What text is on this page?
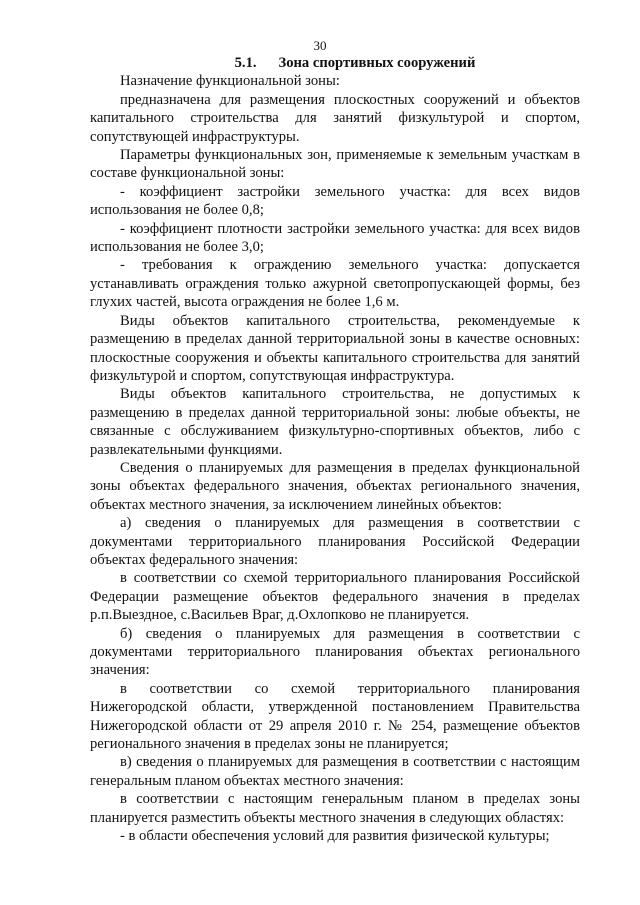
30
5.1. Зона спортивных сооружений

Назначение функциональной зоны:

предназначена для размещения плоскостных сооружений и объектов капитального строительства для занятий физкультурой и спортом, сопутствующей инфраструктуры.

Параметры функциональных зон, применяемые к земельным участкам в составе функциональной зоны:

- коэффициент застройки земельного участка: для всех видов использования не более 0,8;

- коэффициент плотности застройки земельного участка: для всех видов использования не более 3,0;

- требования к ограждению земельного участка: допускается устанавливать ограждения только ажурной светопропускающей формы, без глухих частей, высота ограждения не более 1,6 м.

Виды объектов капитального строительства, рекомендуемые к размещению в пределах данной территориальной зоны в качестве основных: плоскостные сооружения и объекты капитального строительства для занятий физкультурой и спортом, сопутствующая инфраструктура.

Виды объектов капитального строительства, не допустимых к размещению в пределах данной территориальной зоны: любые объекты, не связанные с обслуживанием физкультурно-спортивных объектов, либо с развлекательными функциями.

Сведения о планируемых для размещения в пределах функциональной зоны объектах федерального значения, объектах регионального значения, объектах местного значения, за исключением линейных объектов:

а) сведения о планируемых для размещения в соответствии с документами территориального планирования Российской Федерации объектах федерального значения:

в соответствии со схемой территориального планирования Российской Федерации размещение объектов федерального значения в пределах р.п.Выездное, с.Васильев Враг, д.Охлопково не планируется.

б) сведения о планируемых для размещения в соответствии с документами территориального планирования объектах регионального значения:

в соответствии со схемой территориального планирования Нижегородской области, утвержденной постановлением Правительства Нижегородской области от 29 апреля 2010 г. № 254, размещение объектов регионального значения в пределах зоны не планируется;

в) сведения о планируемых для размещения в соответствии с настоящим генеральным планом объектах местного значения:

в соответствии с настоящим генеральным планом в пределах зоны планируется разместить объекты местного значения в следующих областях:

- в области обеспечения условий для развития физической культуры;
